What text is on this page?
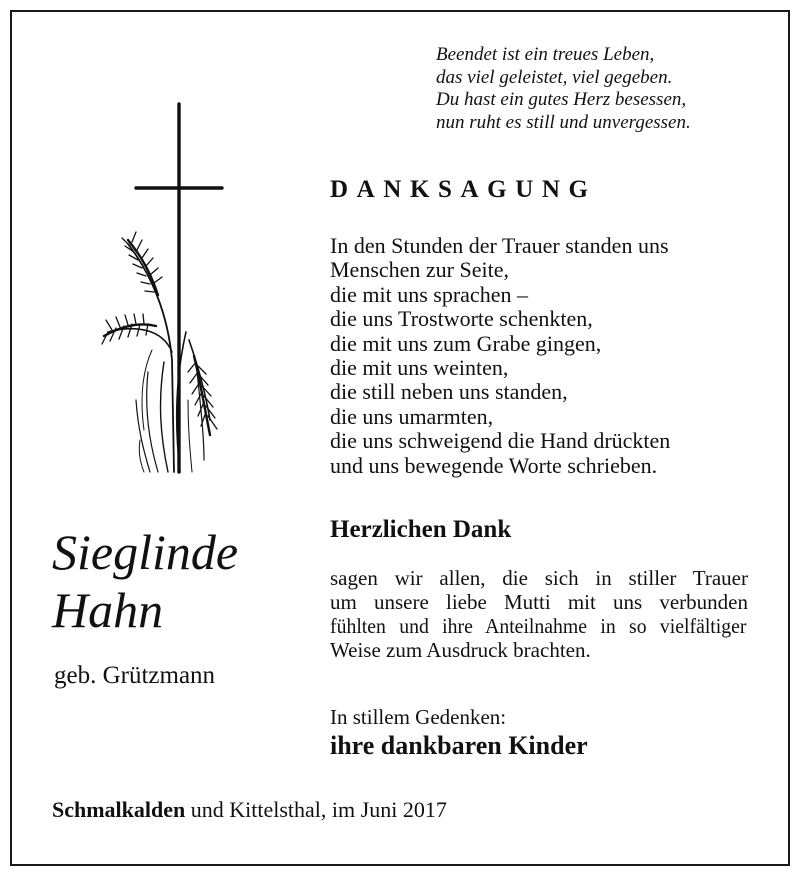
Beendet ist ein treues Leben,
das viel geleistet, viel gegeben.
Du hast ein gutes Herz besessen,
nun ruht es still und unvergessen.
DANKSAGUNG
In den Stunden der Trauer standen uns
Menschen zur Seite,
die mit uns sprachen –
die uns Trostworte schenkten,
die mit uns zum Grabe gingen,
die mit uns weinten,
die still neben uns standen,
die uns umarmten,
die uns schweigend die Hand drückten
und uns bewegende Worte schrieben.
Herzlichen Dank
sagen wir allen, die sich in stiller Trauer
um unsere liebe Mutti mit uns verbunden
fühlten und ihre Anteilnahme in so vielfältiger
Weise zum Ausdruck brachten.
In stillem Gedenken:
ihre dankbaren Kinder
Sieglinde
Hahn
geb. Grützmann
Schmalkalden und Kittelsthal, im Juni 2017
